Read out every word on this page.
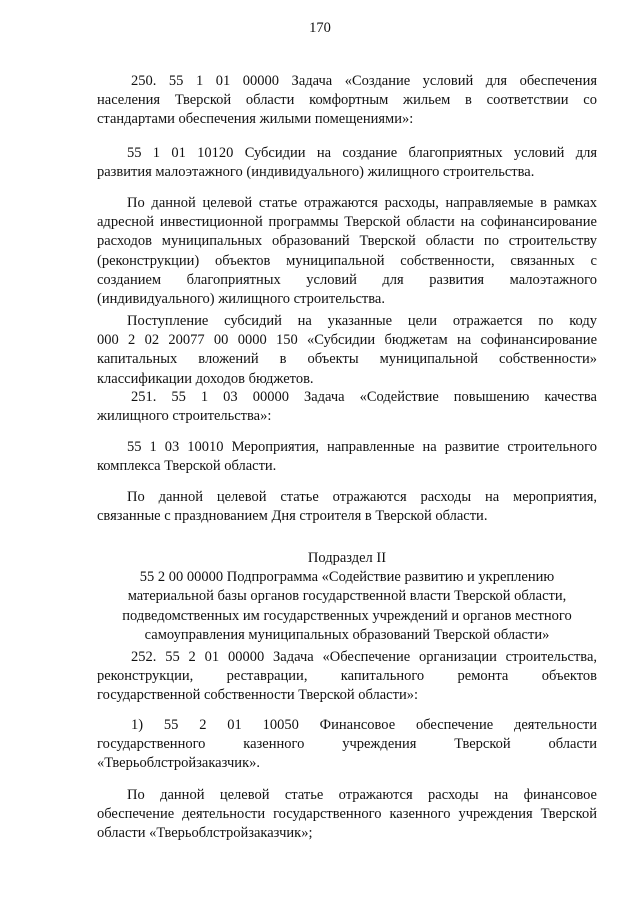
170
250. 55 1 01 00000 Задача «Создание условий для обеспечения
населения Тверской области комфортным жильем в соответствии со
стандартами обеспечения жилыми помещениями»:
55 1 01 10120 Субсидии на создание благоприятных условий для
развития малоэтажного (индивидуального) жилищного строительства.
По данной целевой статье отражаются расходы, направляемые в рамках
адресной инвестиционной программы Тверской области на софинансирование
расходов муниципальных образований Тверской области по строительству
(реконструкции) объектов муниципальной собственности, связанных с
созданием благоприятных условий для развития малоэтажного
(индивидуального) жилищного строительства.
Поступление субсидий на указанные цели отражается по коду
000 2 02 20077 00 0000 150 «Субсидии бюджетам на софинансирование
капитальных вложений в объекты муниципальной собственности»
классификации доходов бюджетов.
251. 55 1 03 00000 Задача «Содействие повышению качества
жилищного строительства»:
55 1 03 10010 Мероприятия, направленные на развитие строительного
комплекса Тверской области.
По данной целевой статье отражаются расходы на мероприятия,
связанные с празднованием Дня строителя в Тверской области.
Подраздел II
55 2 00 00000 Подпрограмма «Содействие развитию и укреплению
материальной базы органов государственной власти Тверской области,
подведомственных им государственных учреждений и органов местного
самоуправления муниципальных образований Тверской области»
252. 55 2 01 00000 Задача «Обеспечение организации строительства,
реконструкции, реставрации, капитального ремонта объектов
государственной собственности Тверской области»:
1) 55 2 01 10050 Финансовое обеспечение деятельности
государственного казенного учреждения Тверской области
«Тверьоблстройзаказчик».
По данной целевой статье отражаются расходы на финансовое
обеспечение деятельности государственного казенного учреждения Тверской
области «Тверьоблстройзаказчик»;
